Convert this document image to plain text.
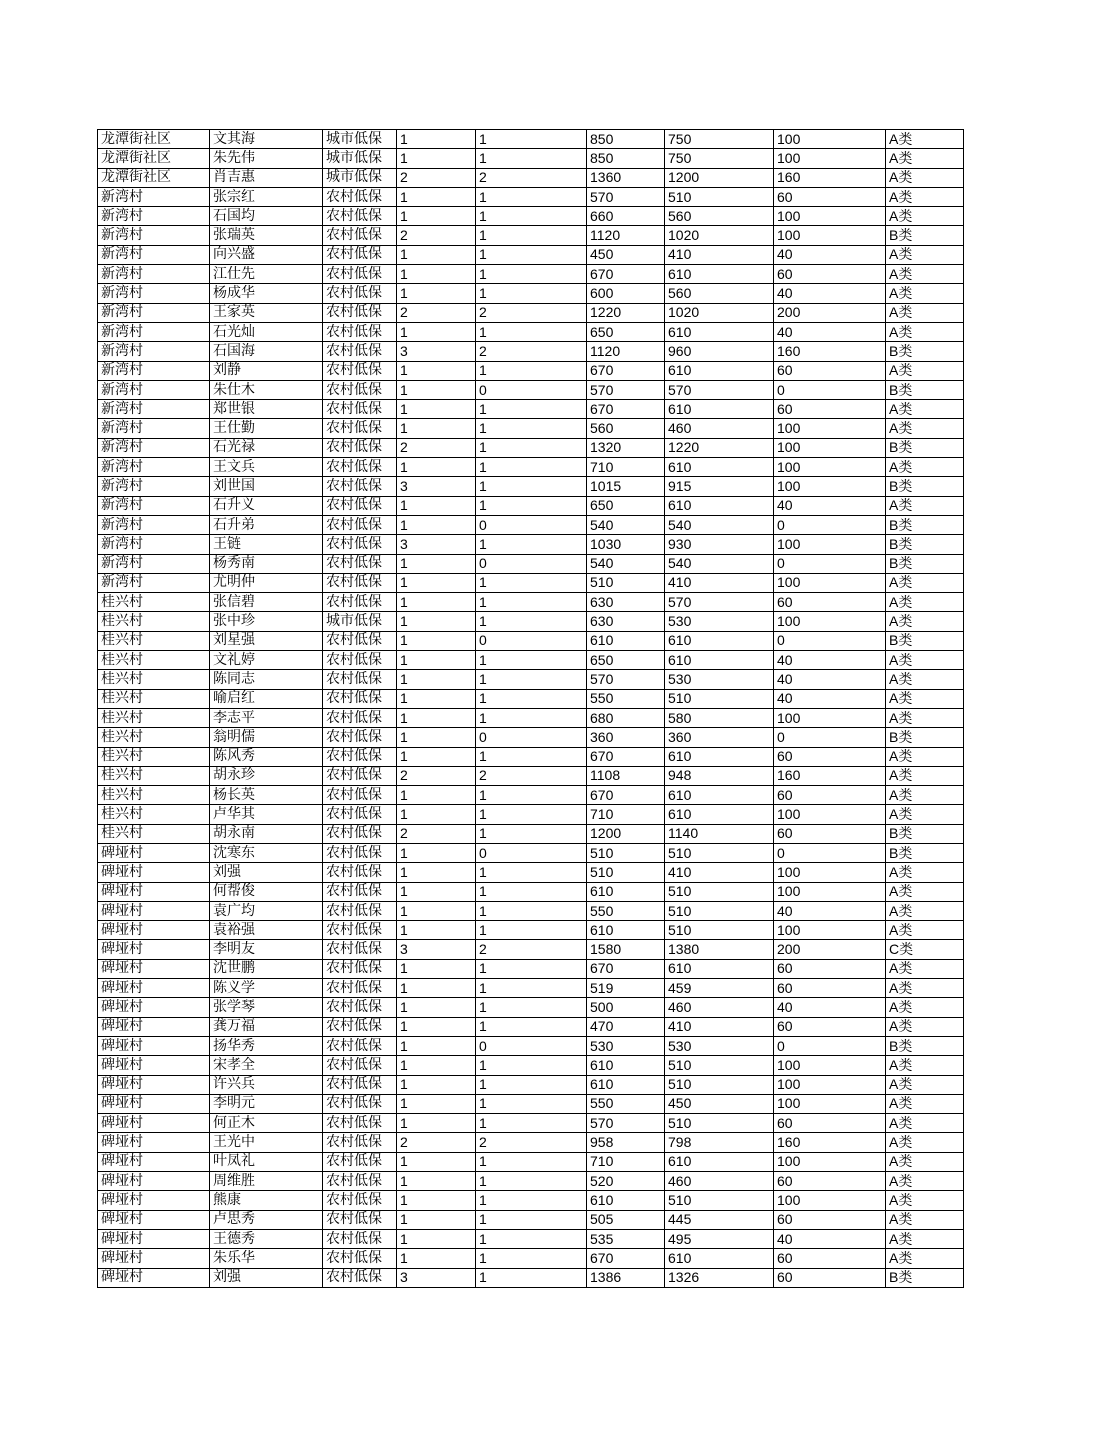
龙潭街社区	文其海	城市低保	1	1	850	750	100	A类
龙潭街社区	朱先伟	城市低保	1	1	850	750	100	A类
龙潭街社区	肖吉惠	城市低保	2	2	1360	1200	160	A类
新湾村	张宗红	农村低保	1	1	570	510	60	A类
新湾村	石国均	农村低保	1	1	660	560	100	A类
新湾村	张瑞英	农村低保	2	1	1120	1020	100	B类
新湾村	向兴盛	农村低保	1	1	450	410	40	A类
新湾村	江仕先	农村低保	1	1	670	610	60	A类
新湾村	杨成华	农村低保	1	1	600	560	40	A类
新湾村	王家英	农村低保	2	2	1220	1020	200	A类
新湾村	石光灿	农村低保	1	1	650	610	40	A类
新湾村	石国海	农村低保	3	2	1120	960	160	B类
新湾村	刘静	农村低保	1	1	670	610	60	A类
新湾村	朱仕木	农村低保	1	0	570	570	0	B类
新湾村	郑世银	农村低保	1	1	670	610	60	A类
新湾村	王仕勤	农村低保	1	1	560	460	100	A类
新湾村	石光禄	农村低保	2	1	1320	1220	100	B类
新湾村	王文兵	农村低保	1	1	710	610	100	A类
新湾村	刘世国	农村低保	3	1	1015	915	100	B类
新湾村	石升义	农村低保	1	1	650	610	40	A类
新湾村	石升弟	农村低保	1	0	540	540	0	B类
新湾村	王链	农村低保	3	1	1030	930	100	B类
新湾村	杨秀南	农村低保	1	0	540	540	0	B类
新湾村	尤明仲	农村低保	1	1	510	410	100	A类
桂兴村	张信碧	农村低保	1	1	630	570	60	A类
桂兴村	张中珍	城市低保	1	1	630	530	100	A类
桂兴村	刘星强	农村低保	1	0	610	610	0	B类
桂兴村	文礼婷	农村低保	1	1	650	610	40	A类
桂兴村	陈同志	农村低保	1	1	570	530	40	A类
桂兴村	喻启红	农村低保	1	1	550	510	40	A类
桂兴村	李志平	农村低保	1	1	680	580	100	A类
桂兴村	翁明儒	农村低保	1	0	360	360	0	B类
桂兴村	陈风秀	农村低保	1	1	670	610	60	A类
桂兴村	胡永珍	农村低保	2	2	1108	948	160	A类
桂兴村	杨长英	农村低保	1	1	670	610	60	A类
桂兴村	卢华其	农村低保	1	1	710	610	100	A类
桂兴村	胡永南	农村低保	2	1	1200	1140	60	B类
碑垭村	沈寒东	农村低保	1	0	510	510	0	B类
碑垭村	刘强	农村低保	1	1	510	410	100	A类
碑垭村	何帮俊	农村低保	1	1	610	510	100	A类
碑垭村	袁广均	农村低保	1	1	550	510	40	A类
碑垭村	袁裕强	农村低保	1	1	610	510	100	A类
碑垭村	李明友	农村低保	3	2	1580	1380	200	C类
碑垭村	沈世鹏	农村低保	1	1	670	610	60	A类
碑垭村	陈义学	农村低保	1	1	519	459	60	A类
碑垭村	张学琴	农村低保	1	1	500	460	40	A类
碑垭村	龚万福	农村低保	1	1	470	410	60	A类
碑垭村	扬华秀	农村低保	1	0	530	530	0	B类
碑垭村	宋孝全	农村低保	1	1	610	510	100	A类
碑垭村	许兴兵	农村低保	1	1	610	510	100	A类
碑垭村	李明元	农村低保	1	1	550	450	100	A类
碑垭村	何正木	农村低保	1	1	570	510	60	A类
碑垭村	王光中	农村低保	2	2	958	798	160	A类
碑垭村	叶凤礼	农村低保	1	1	710	610	100	A类
碑垭村	周维胜	农村低保	1	1	520	460	60	A类
碑垭村	熊康	农村低保	1	1	610	510	100	A类
碑垭村	卢思秀	农村低保	1	1	505	445	60	A类
碑垭村	王德秀	农村低保	1	1	535	495	40	A类
碑垭村	朱乐华	农村低保	1	1	670	610	60	A类
碑垭村	刘强	农村低保	3	1	1386	1326	60	B类
